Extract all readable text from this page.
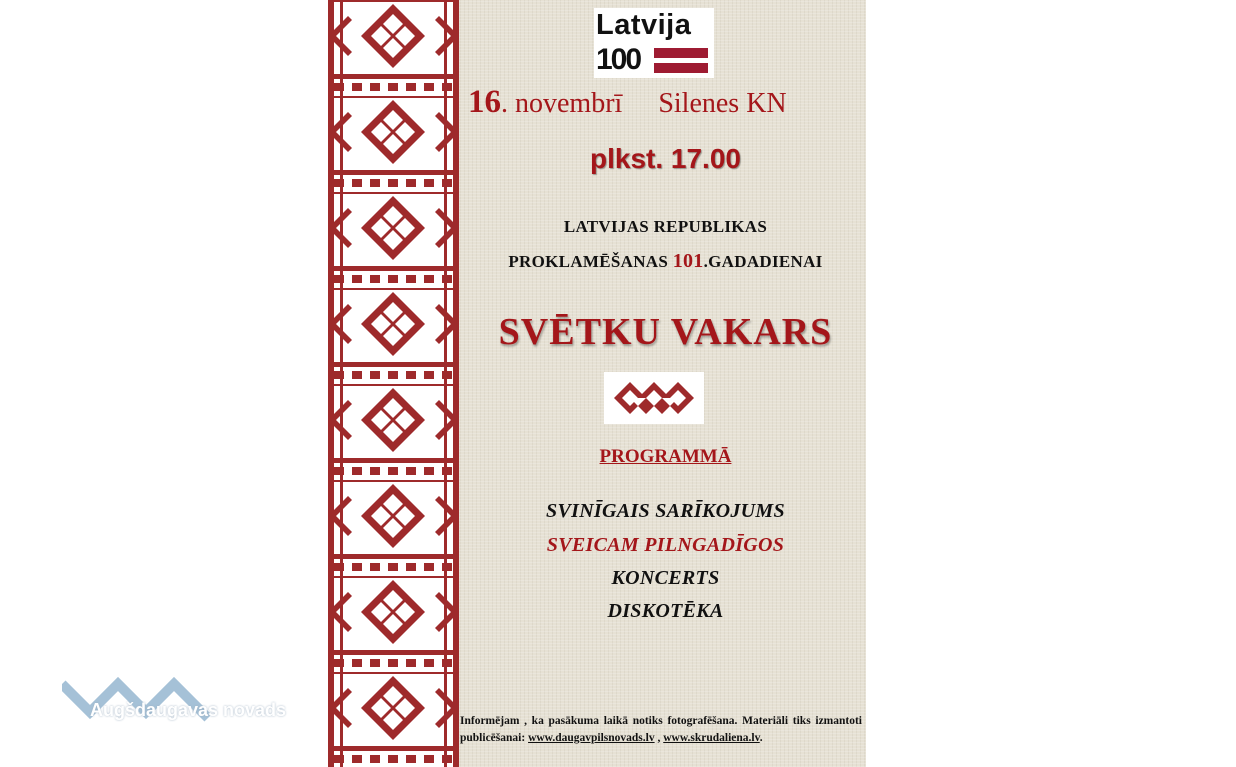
Latvija
100
16. novembrī Silenes KN
plkst. 17.00
LATVIJAS REPUBLIKAS
PROKLAMĒŠANAS 101.GADADIENAI
SVĒTKU VAKARS
PROGRAMMĀ
SVINĪGAIS SARĪKOJUMS
SVEICAM PILNGADĪGOS
KONCERTS
DISKOTĒKA
Informējam , ka pasākuma laikā notiks fotografēšana. Materiāli tiks izmantoti publicēšanai: www.daugavpilsnovads.lv , www.skrudaliena.lv.
Augšdaugavas novads
